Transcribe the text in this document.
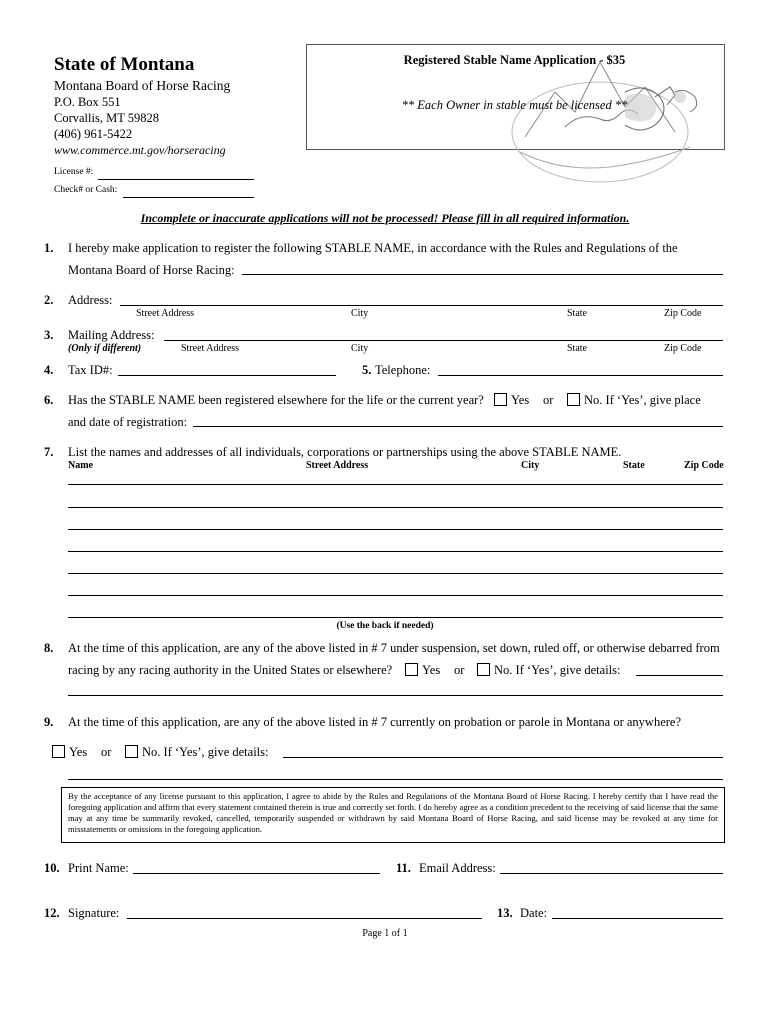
State of Montana
Montana Board of Horse Racing
P.O. Box 551
Corvallis, MT 59828
(406) 961-5422
www.commerce.mt.gov/horseracing
License #:
Check# or Cash:
Registered Stable Name Application - $35
** Each Owner in stable must be licensed **
Incomplete or inaccurate applications will not be processed! Please fill in all required information.
1. I hereby make application to register the following STABLE NAME, in accordance with the Rules and Regulations of the
Montana Board of Horse Racing:
2. Address:
Street Address	City	State	Zip Code
3. Mailing Address:
(Only if different)	Street Address	City	State	Zip Code
4. Tax ID#:	5. Telephone:
6. Has the STABLE NAME been registered elsewhere for the life or the current year? Yes or No. If ‘Yes’, give place
and date of registration:
7. List the names and addresses of all individuals, corporations or partnerships using the above STABLE NAME.
Name	Street Address	City	State	Zip Code
(Use the back if needed)
8. At the time of this application, are any of the above listed in # 7 under suspension, set down, ruled off, or otherwise debarred from
racing by any racing authority in the United States or elsewhere? Yes or No. If ‘Yes’, give details:
9. At the time of this application, are any of the above listed in # 7 currently on probation or parole in Montana or anywhere?
Yes or No. If ‘Yes’, give details:
By the acceptance of any license pursuant to this application, I agree to abide by the Rules and Regulations of the Montana Board of Horse Racing. I hereby certify that I have read the foregoing application and affirm that every statement contained therein is true and correctly set forth. I do hereby agree as a condition precedent to the receiving of said license that the same may at any time be summarily revoked, cancelled, temporarily suspended or withdrawn by said Montana Board of Horse Racing, and said license may be revoked at any time for misstatements or omissions in the foregoing application.
10. Print Name:	11. Email Address:
12. Signature:	13. Date:
Page 1 of 1
